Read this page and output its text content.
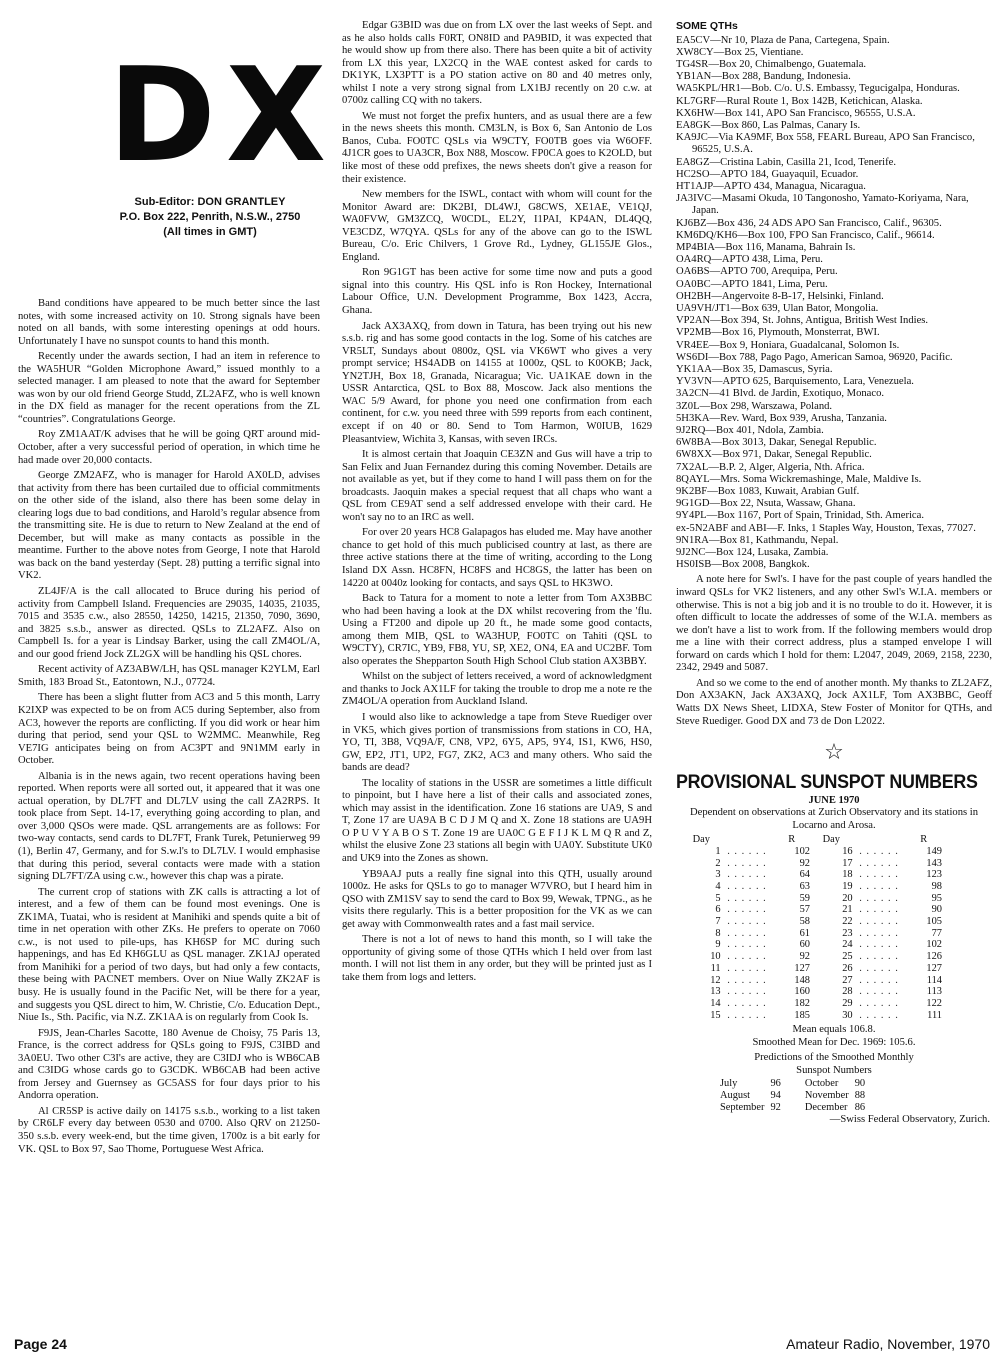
DX
Sub-Editor: DON GRANTLEY
P.O. Box 222, Penrith, N.S.W., 2750
(All times in GMT)

Band conditions have appeared to be much better since the last notes, with some increased activity on 10. Strong signals have been noted on all bands, with some interesting openings at odd hours. Unfortunately I have no sunspot counts to hand this month.

Recently under the awards section, I had an item in reference to the WA5HUR “Golden Microphone Award,” issued monthly to a selected manager. I am pleased to note that the award for September was won by our old friend George Studd, ZL2AFZ, who is well known in the DX field as manager for the recent operations from the ZL “countries”. Congratulations George.

Roy ZM1AAT/K advises that he will be going QRT around mid-October, after a very successful period of operation, in which time he had made over 20,000 contacts.

George ZM2AFZ, who is manager for Harold AX0LD, advises that activity from there has been curtailed due to official commitments on the other side of the island, also there has been some delay in clearing logs due to bad conditions, and Harold’s regular absence from the transmitting site. He is due to return to New Zealand at the end of December, but will make as many contacts as possible in the meantime. Further to the above notes from George, I note that Harold was back on the band yesterday (Sept. 28) putting a terrific signal into VK2.

ZL4JF/A is the call allocated to Bruce during his period of activity from Campbell Island. Frequencies are 29035, 14035, 21035, 7015 and 3535 c.w., also 28550, 14250, 14215, 21350, 7090, 3690, and 3825 s.s.b., answer as directed. QSLs to ZL2AFZ. Also on Campbell Is. for a year is Lindsay Barker, using the call ZM4OL/A, and our good friend Jock ZL2GX will be handling his QSL chores.

Recent activity of AZ3ABW/LH, has QSL manager K2YLM, Earl Smith, 183 Broad St., Eatontown, N.J., 07724.

There has been a slight flutter from AC3 and 5 this month, Larry K2IXP was expected to be on from AC5 during September, also from AC3, however the reports are conflicting. If you did work or hear him during that period, send your QSL to W2MMC. Meanwhile, Reg VE7IG anticipates being on from AC3PT and 9N1MM early in October.

Albania is in the news again, two recent operations having been reported. When reports were all sorted out, it appeared that it was one actual operation, by DL7FT and DL7LV using the call ZA2RPS. It took place from Sept. 14-17, everything going according to plan, and over 3,000 QSOs were made. QSL arrangements are as follows: For two-way contacts, send cards to DL7FT, Frank Turek, Petunierweg 99 (1), Berlin 47, Germany, and for S.w.l's to DL7LV. I would emphasise that during this period, several contacts were made with a station signing DL7FT/ZA using c.w., however this chap was a pirate.

The current crop of stations with ZK calls is attracting a lot of interest, and a few of them can be found most evenings. One is ZK1MA, Tuatai, who is resident at Manihiki and spends quite a bit of time in net operation with other ZKs. He prefers to operate on 7060 c.w., is not used to pile-ups, has KH6SP for MC during such happenings, and has Ed KH6GLU as QSL manager. ZK1AJ operated from Manihiki for a period of two days, but had only a few contacts, these being with PACNET members. Over on Niue Wally ZK2AF is busy. He is usually found in the Pacific Net, will be there for a year, and suggests you QSL direct to him, W. Christie, C/o. Education Dept., Niue Is., Sth. Pacific, via N.Z. ZK1AA is on regularly from Cook Is.

F9JS, Jean-Charles Sacotte, 180 Avenue de Choisy, 75 Paris 13, France, is the correct address for QSLs going to F9JS, C3IBD and 3A0EU. Two other C3I's are active, they are C3IDJ who is WB6CAB and C3IDG whose cards go to G3CDK. WB6CAB had been active from Jersey and Guernsey as GC5ASS for four days prior to his Andorra operation.

Al CR5SP is active daily on 14175 s.s.b., working to a list taken by CR6LF every day between 0530 and 0700. Also QRV on 21250-350 s.s.b. every week-end, but the time given, 1700z is a bit early for VK. QSL to Box 97, Sao Thome, Portuguese West Africa.

Edgar G3BID was due on from LX over the last weeks of Sept. and as he also holds calls F0RT, ON8ID and PA9BID, it was expected that he would show up from there also. There has been quite a bit of activity from LX this year, LX2CQ in the WAE contest asked for cards to DK1YK, LX3PTT is a PO station active on 80 and 40 metres only, whilst I note a very strong signal from LX1BJ recently on 20 c.w. at 0700z calling CQ with no takers.

We must not forget the prefix hunters, and as usual there are a few in the news sheets this month. CM3LN, is Box 6, San Antonio de Los Banos, Cuba. FO0TC QSLs via W9CTY, FO0TB goes via W6OFF. 4J1CR goes to UA3CR, Box N88, Moscow. FP0CA goes to K2OLD, but like most of these odd prefixes, the news sheets don't give a reason for their existence.

New members for the ISWL, contact with whom will count for the Monitor Award are: DK2BI, DL4WJ, G8CWS, XE1AE, VE1QJ, WA0FVW, GM3ZCQ, W0CDL, EL2Y, I1PAI, KP4AN, DL4QQ, VE3CDZ, W7QYA. QSLs for any of the above can go to the ISWL Bureau, C/o. Eric Chilvers, 1 Grove Rd., Lydney, GL155JE Glos., England.

Ron 9G1GT has been active for some time now and puts a good signal into this country. His QSL info is Ron Hockey, International Labour Office, U.N. Development Programme, Box 1423, Accra, Ghana.

Jack AX3AXQ, from down in Tatura, has been trying out his new s.s.b. rig and has some good contacts in the log. Some of his catches are VR5LT, Sundays about 0800z, QSL via VK6WT who gives a very prompt service; HS4ADB on 14155 at 1000z, QSL to K0OKB; Jack, YN2TJH, Box 18, Granada, Nicaragua; Vic. UA1KAE down in the USSR Antarctica, QSL to Box 88, Moscow. Jack also mentions the WAC 5/9 Award, for phone you need one confirmation from each continent, for c.w. you need three with 599 reports from each continent, except if on 40 or 80. Send to Tom Harmon, W0IUB, 1629 Pleasantview, Wichita 3, Kansas, with seven IRCs.

It is almost certain that Joaquin CE3ZN and Gus will have a trip to San Felix and Juan Fernandez during this coming November. Details are not available as yet, but if they come to hand I will pass them on for the broadcasts. Jaoquin makes a special request that all chaps who want a QSL from CE9AT send a self addressed envelope with their card. He won't say no to an IRC as well.

For over 20 years HC8 Galapagos has eluded me. May have another chance to get hold of this much publicised country at last, as there are three active stations there at the time of writing, according to the Long Island DX Assn. HC8FN, HC8FS and HC8GS, the latter has been on 14220 at 0040z looking for contacts, and says QSL to HK3WO.

Back to Tatura for a moment to note a letter from Tom AX3BBC who had been having a look at the DX whilst recovering from the 'flu. Using a FT200 and dipole up 20 ft., he made some good contacts, among them MIB, QSL to WA3HUP, FO0TC on Tahiti (QSL to W9CTY), CR7IC, YB9, FB8, YU, SP, XE2, ON4, EA and UC2BF. Tom also operates the Shepparton South High School Club station AX3BBY.

Whilst on the subject of letters received, a word of acknowledgment and thanks to Jock AX1LF for taking the trouble to drop me a note re the ZM4OL/A operation from Auckland Island.

I would also like to acknowledge a tape from Steve Ruediger over in VK5, which gives portion of transmissions from stations in CO, HA, YO, TI, 3B8, VQ9A/F, CN8, VP2, 6Y5, AP5, 9Y4, IS1, KW6, HS0, GW, EP2, JT1, UP2, FG7, ZK2, AC3 and many others. Who said the bands are dead?

The locality of stations in the USSR are sometimes a little difficult to pinpoint, but I have here a list of their calls and associated zones, which may assist in the identification. Zone 16 stations are UA9, S and T, Zone 17 are UA9A B C D J M Q and X. Zone 18 stations are UA9H O P U V Y A B O S T. Zone 19 are UA0C G E F I J K L M Q R and Z, whilst the elusive Zone 23 stations all begin with UA0Y. Substitute UK0 and UK9 into the Zones as shown.

YB9AAJ puts a really fine signal into this QTH, usually around 1000z. He asks for QSLs to go to manager W7VRO, but I heard him in QSO with ZM1SV say to send the card to Box 99, Wewak, TPNG., as he visits there regularly. This is a better proposition for the VK as we can get away with Commonwealth rates and a fast mail service.

There is not a lot of news to hand this month, so I will take the opportunity of giving some of those QTHs which I held over from last month. I will not list them in any order, but they will be printed just as I take them from logs and letters.

SOME QTHs
EA5CV—Nr 10, Plaza de Pana, Cartegena, Spain.
XW8CY—Box 25, Vientiane.
TG4SR—Box 20, Chimalbengo, Guatemala.
YB1AN—Box 288, Bandung, Indonesia.
WA5KPL/HR1—Bob. C/o. U.S. Embassy, Tegucigalpa, Honduras.
KL7GRF—Rural Route 1, Box 142B, Ketichican, Alaska.
KX6HW—Box 141, APO San Francisco, 96555, U.S.A.
EA8GK—Box 860, Las Palmas, Canary Is.
KA9JC—Via KA9MF, Box 558, FEARL Bureau, APO San Francisco, 96525, U.S.A.
EA8GZ—Cristina Labin, Casilla 21, Icod, Tenerife.
HC2SO—APTO 184, Guayaquil, Ecuador.
HT1AJP—APTO 434, Managua, Nicaragua.
JA3IVC—Masami Okuda, 10 Tangonosho, Yamato-Koriyama, Nara, Japan.
KJ6BZ—Box 436, 24 ADS APO San Francisco, Calif., 96305.
KM6DQ/KH6—Box 100, FPO San Francisco, Calif., 96614.
MP4BIA—Box 116, Manama, Bahrain Is.
OA4RQ—APTO 438, Lima, Peru.
OA6BS—APTO 700, Arequipa, Peru.
OA0BC—APTO 1841, Lima, Peru.
OH2BH—Angervoite 8-B-17, Helsinki, Finland.
UA9VH/JT1—Box 639, Ulan Bator, Mongolia.
VP2AN—Box 394, St. Johns, Antigua, British West Indies.
VP2MB—Box 16, Plymouth, Monsterrat, BWI.
VR4EE—Box 9, Honiara, Guadalcanal, Solomon Is.
WS6DI—Box 788, Pago Pago, American Samoa, 96920, Pacific.
YK1AA—Box 35, Damascus, Syria.
YV3VN—APTO 625, Barquisemento, Lara, Venezuela.
3A2CN—41 Blvd. de Jardin, Exotiquo, Monaco.
3Z0L—Box 298, Warszawa, Poland.
5H3KA—Rev. Ward, Box 939, Arusha, Tanzania.
9J2RQ—Box 401, Ndola, Zambia.
6W8BA—Box 3013, Dakar, Senegal Republic.
6W8XX—Box 971, Dakar, Senegal Republic.
7X2AL—B.P. 2, Alger, Algeria, Nth. Africa.
8QAYL—Mrs. Soma Wickremashinge, Male, Maldive Is.
9K2BF—Box 1083, Kuwait, Arabian Gulf.
9G1GD—Box 22, Nsuta, Wassaw, Ghana.
9Y4PL—Box 1167, Port of Spain, Trinidad, Sth. America.
ex-5N2ABF and ABI—F. Inks, 1 Staples Way, Houston, Texas, 77027.
9N1RA—Box 81, Kathmandu, Nepal.
9J2NC—Box 124, Lusaka, Zambia.
HS0ISB—Box 2008, Bangkok.

A note here for Swl's. I have for the past couple of years handled the inward QSLs for VK2 listeners, and any other Swl's W.I.A. members or otherwise. This is not a big job and it is no trouble to do it. However, it is often difficult to locate the addresses of some of the W.I.A. members as we don't have a list to work from. If the following members would drop me a line with their correct address, plus a stamped envelope I will forward on cards which I hold for them: L2047, 2049, 2069, 2158, 2230, 2342, 2949 and 5087.

And so we come to the end of another month. My thanks to ZL2AFZ, Don AX3AKN, Jack AX3AXQ, Jock AX1LF, Tom AX3BBC, Geoff Watts DX News Sheet, LIDXA, Stew Foster of Monitor for QTHs, and Steve Ruediger. Good DX and 73 de Don L2022.

☆
PROVISIONAL SUNSPOT NUMBERS
JUNE 1970
Dependent on observations at Zurich Observatory and its stations in Locarno and Arosa.
Day		R	Day		R
1	. . . . . .	102	16	. . . . . .	149
2	. . . . . .	92	17	. . . . . .	143
3	. . . . . .	64	18	. . . . . .	123
4	. . . . . .	63	19	. . . . . .	98
5	. . . . . .	59	20	. . . . . .	95
6	. . . . . .	57	21	. . . . . .	90
7	. . . . . .	58	22	. . . . . .	105
8	. . . . . .	61	23	. . . . . .	77
9	. . . . . .	60	24	. . . . . .	102
10	. . . . . .	92	25	. . . . . .	126
11	. . . . . .	127	26	. . . . . .	127
12	. . . . . .	148	27	. . . . . .	114
13	. . . . . .	160	28	. . . . . .	113
14	. . . . . .	182	29	. . . . . .	122
15	. . . . . .	185	30	. . . . . .	111
Mean equals 106.8.
Smoothed Mean for Dec. 1969: 105.6.
Predictions of the Smoothed Monthly
Sunspot Numbers
July	96	October	90
August	94	November	88
September	92	December	86
—Swiss Federal Observatory, Zurich.
Page 24	Amateur Radio, November, 1970
